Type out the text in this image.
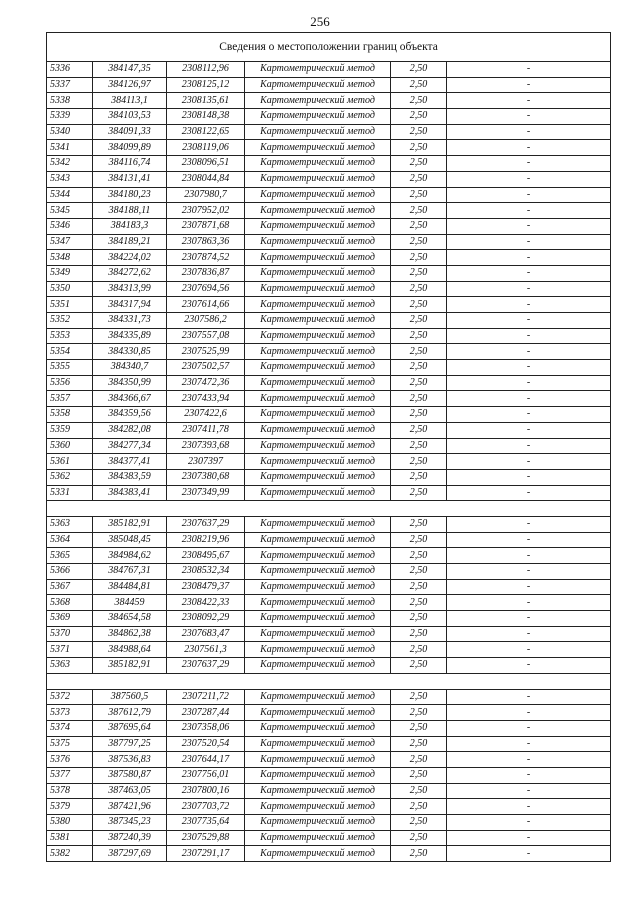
256
Сведения о местоположении границ объекта					
5336	384147,35	2308112,96	Картометрический метод	2,50	-
5337	384126,97	2308125,12	Картометрический метод	2,50	-
5338	384113,1	2308135,61	Картометрический метод	2,50	-
5339	384103,53	2308148,38	Картометрический метод	2,50	-
5340	384091,33	2308122,65	Картометрический метод	2,50	-
5341	384099,89	2308119,06	Картометрический метод	2,50	-
5342	384116,74	2308096,51	Картометрический метод	2,50	-
5343	384131,41	2308044,84	Картометрический метод	2,50	-
5344	384180,23	2307980,7	Картометрический метод	2,50	-
5345	384188,11	2307952,02	Картометрический метод	2,50	-
5346	384183,3	2307871,68	Картометрический метод	2,50	-
5347	384189,21	2307863,36	Картометрический метод	2,50	-
5348	384224,02	2307874,52	Картометрический метод	2,50	-
5349	384272,62	2307836,87	Картометрический метод	2,50	-
5350	384313,99	2307694,56	Картометрический метод	2,50	-
5351	384317,94	2307614,66	Картометрический метод	2,50	-
5352	384331,73	2307586,2	Картометрический метод	2,50	-
5353	384335,89	2307557,08	Картометрический метод	2,50	-
5354	384330,85	2307525,99	Картометрический метод	2,50	-
5355	384340,7	2307502,57	Картометрический метод	2,50	-
5356	384350,99	2307472,36	Картометрический метод	2,50	-
5357	384366,67	2307433,94	Картометрический метод	2,50	-
5358	384359,56	2307422,6	Картометрический метод	2,50	-
5359	384282,08	2307411,78	Картометрический метод	2,50	-
5360	384277,34	2307393,68	Картометрический метод	2,50	-
5361	384377,41	2307397	Картометрический метод	2,50	-
5362	384383,59	2307380,68	Картометрический метод	2,50	-
5331	384383,41	2307349,99	Картометрический метод	2,50	-

5363	385182,91	2307637,29	Картометрический метод	2,50	-
5364	385048,45	2308219,96	Картометрический метод	2,50	-
5365	384984,62	2308495,67	Картометрический метод	2,50	-
5366	384767,31	2308532,34	Картометрический метод	2,50	-
5367	384484,81	2308479,37	Картометрический метод	2,50	-
5368	384459	2308422,33	Картометрический метод	2,50	-
5369	384654,58	2308092,29	Картометрический метод	2,50	-
5370	384862,38	2307683,47	Картометрический метод	2,50	-
5371	384988,64	2307561,3	Картометрический метод	2,50	-
5363	385182,91	2307637,29	Картометрический метод	2,50	-

5372	387560,5	2307211,72	Картометрический метод	2,50	-
5373	387612,79	2307287,44	Картометрический метод	2,50	-
5374	387695,64	2307358,06	Картометрический метод	2,50	-
5375	387797,25	2307520,54	Картометрический метод	2,50	-
5376	387536,83	2307644,17	Картометрический метод	2,50	-
5377	387580,87	2307756,01	Картометрический метод	2,50	-
5378	387463,05	2307800,16	Картометрический метод	2,50	-
5379	387421,96	2307703,72	Картометрический метод	2,50	-
5380	387345,23	2307735,64	Картометрический метод	2,50	-
5381	387240,39	2307529,88	Картометрический метод	2,50	-
5382	387297,69	2307291,17	Картометрический метод	2,50	-
